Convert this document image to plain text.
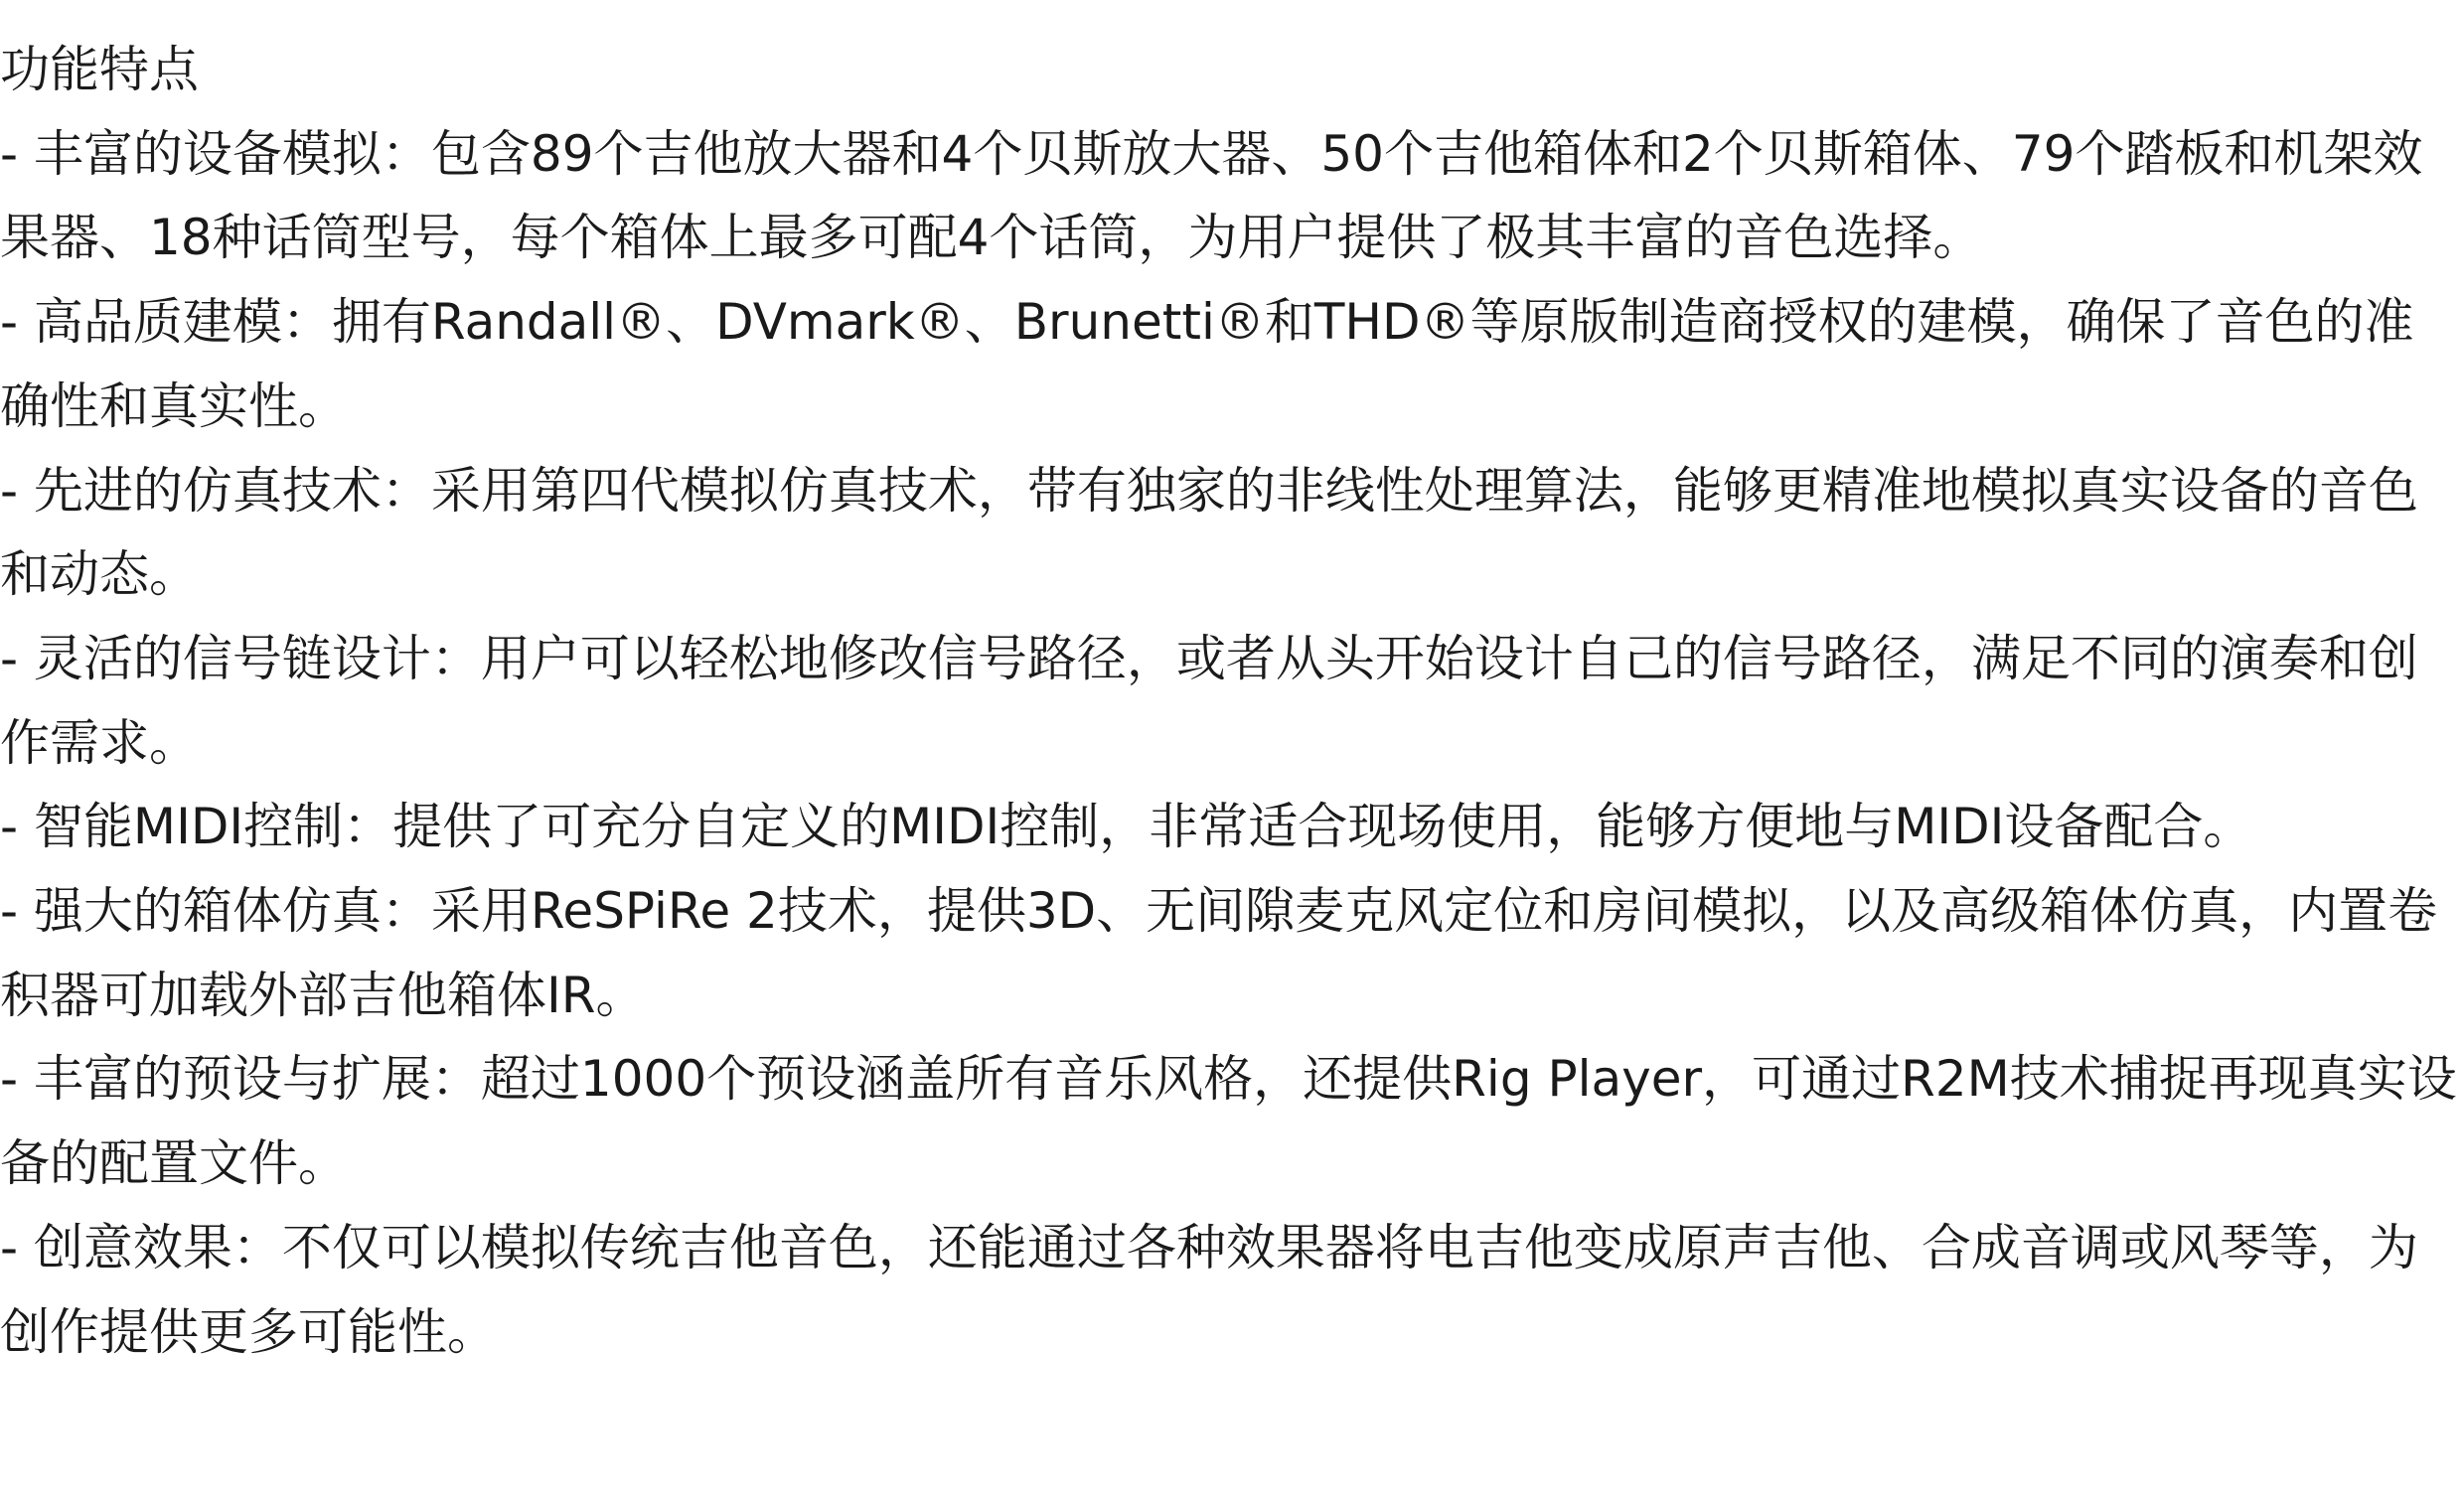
功能特点

- 丰富的设备模拟：包含89个吉他放大器和4个贝斯放大器、50个吉他箱体和2个贝斯箱体、79个踏板和机架效果器、18种话筒型号，每个箱体上最多可配4个话筒，为用户提供了极其丰富的音色选择。

- 高品质建模：拥有Randall®、DVmark®、Brunetti®和THD®等原版制造商授权的建模，确保了音色的准确性和真实性。

- 先进的仿真技术：采用第四代模拟仿真技术，带有独家的非线性处理算法，能够更精准地模拟真实设备的音色和动态。

- 灵活的信号链设计：用户可以轻松地修改信号路径，或者从头开始设计自己的信号路径，满足不同的演奏和创作需求。

- 智能MIDI控制：提供了可充分自定义的MIDI控制，非常适合现场使用，能够方便地与MIDI设备配合。

- 强大的箱体仿真：采用ReSPiRe 2技术，提供3D、无间隙麦克风定位和房间模拟，以及高级箱体仿真，内置卷积器可加载外部吉他箱体IR。

- 丰富的预设与扩展：超过1000个预设涵盖所有音乐风格，还提供Rig Player，可通过R2M技术捕捉再现真实设备的配置文件。

- 创意效果：不仅可以模拟传统吉他音色，还能通过各种效果器将电吉他变成原声吉他、合成音调或风琴等，为创作提供更多可能性。
